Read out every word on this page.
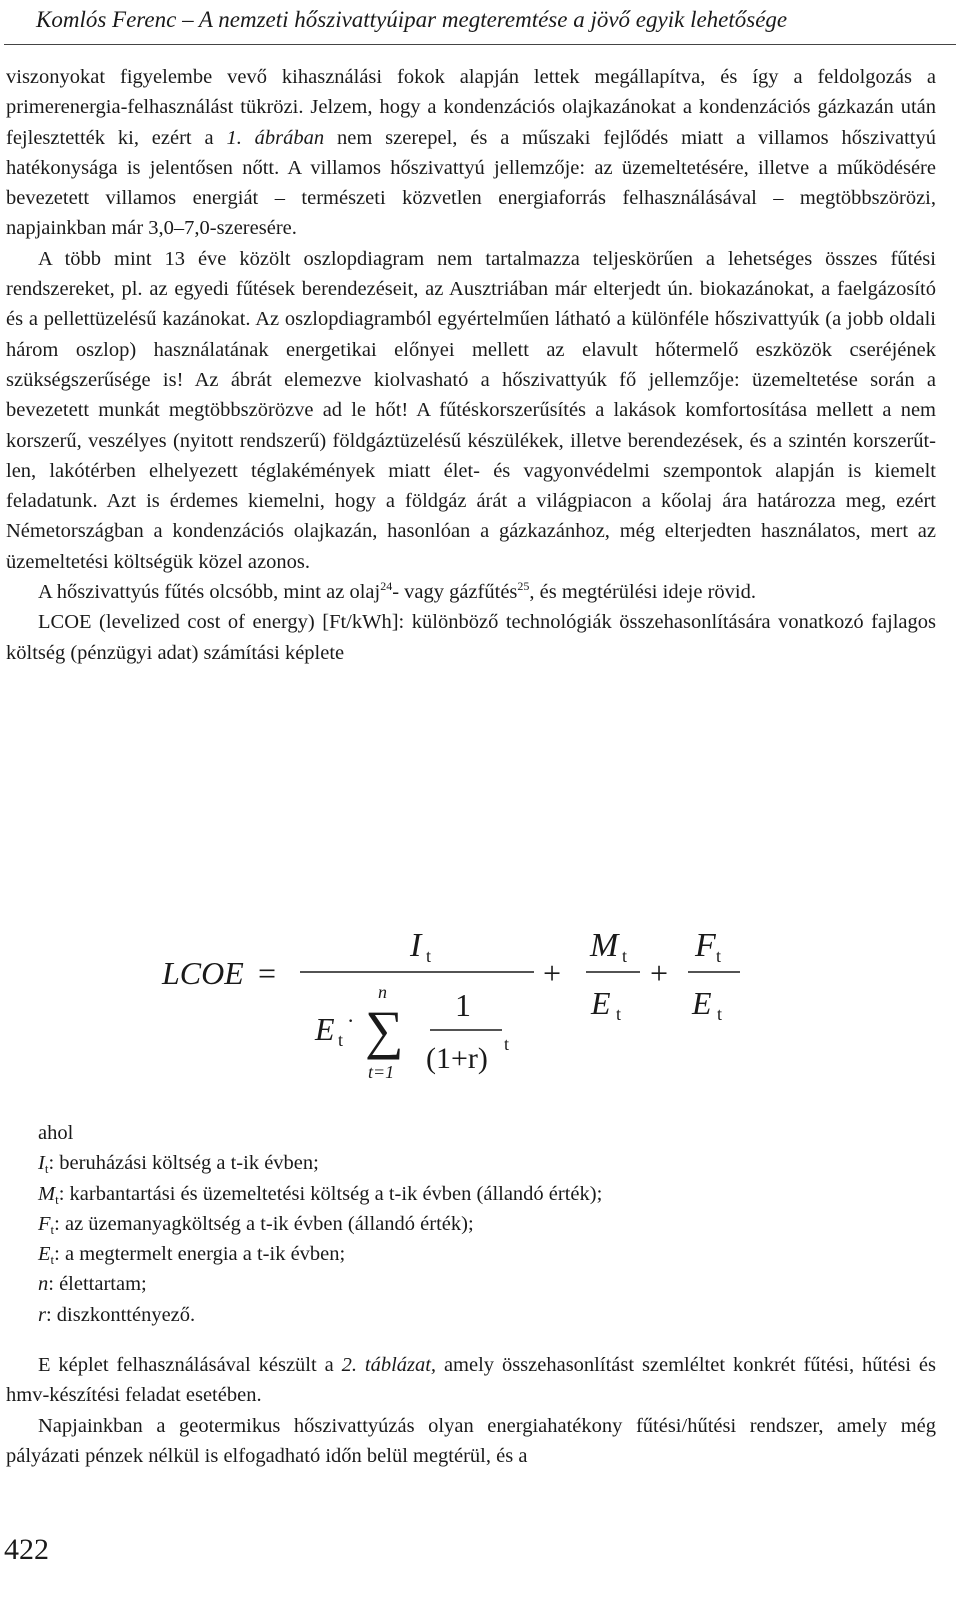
Komlós Ferenc – A nemzeti hőszivattyúipar megteremtése a jövő egyik lehetősége

viszonyokat figyelembe vevő kihasználási fokok alapján lettek megállapítva, és így a feldolgozás a primerenergia-felhasználást tükrözi. Jelzem, hogy a kondenzációs olajkazánokat a kondenzációs gázkazán után fejlesztették ki, ezért a 1. ábrában nem szerepel, és a műszaki fejlődés miatt a villamos hőszivattyú hatékonysága is jelentősen nőtt. A villamos hőszivattyú jellemzője: az üzemeltetésére, illetve a működésére bevezetett villamos energiát – természeti közvetlen energiaforrás felhasználásával – megtöbbszörözi, napjainkban már 3,0–7,0-szeresére.

A több mint 13 éve közölt oszlopdiagram nem tartalmazza teljeskörűen a lehetséges összes fűtési rendszereket, pl. az egyedi fűtések berendezéseit, az Ausztriában már elterjedt ún. biokazánokat, a faelgázosító és a pellettüzelésű kazánokat. Az oszlopdiagramból egyértelműen látható a különféle hőszivattyúk (a jobb oldali három oszlop) használatának energetikai előnyei mellett az elavult hőtermelő eszközök cseréjének szükségszerűsége is! Az ábrát elemezve kiolvasható a hőszivattyúk fő jellemzője: üzemeltetése során a bevezetett munkát megtöbbszörözve ad le hőt! A fűtéskorszerűsítés a lakások komfortosítása mellett a nem korszerű, veszélyes (nyitott rendszerű) földgáztüzelésű készülékek, illetve berendezések, és a szintén korszerűtlen, lakótérben elhelyezett téglakémények miatt élet- és vagyonvédelmi szempontok alapján is kiemelt feladatunk. Azt is érdemes kiemelni, hogy a földgáz árát a világpiacon a kőolaj ára határozza meg, ezért Németországban a kondenzációs olajkazán, hasonlóan a gázkazánhoz, még elterjedten használatos, mert az üzemeltetési költségük közel azonos.

A hőszivattyús fűtés olcsóbb, mint az olaj$^{24}$- vagy gázfűtés$^{25}$, és megtérülési ideje rövid.

LCOE (levelized cost of energy) [Ft/kWh]: különböző technológiák összehasonlítására vonatkozó fajlagos költség (pénzügyi adat) számítási képlete

LCOE =
I t
E t
·
n
∑
t=1
1
(1+r) t
+
M t
E t
+
F t
E t
ahol
$I_t$: beruházási költség a t-ik évben;
$M_t$: karbantartási és üzemeltetési költség a t-ik évben (állandó érték);
$F_t$: az üzemanyagköltség a t-ik évben (állandó érték);
$E_t$: a megtermelt energia a t-ik évben;
n: élettartam;
r: diszkonttényező.

E képlet felhasználásával készült a 2. táblázat, amely összehasonlítást szemléltet konkrét fűtési, hűtési és hmv-készítési feladat esetében.

Napjainkban a geotermikus hőszivattyúzás olyan energiahatékony fűtési/hűtési rendszer, amely még pályázati pénzek nélkül is elfogadható időn belül megtérül, és a

422
